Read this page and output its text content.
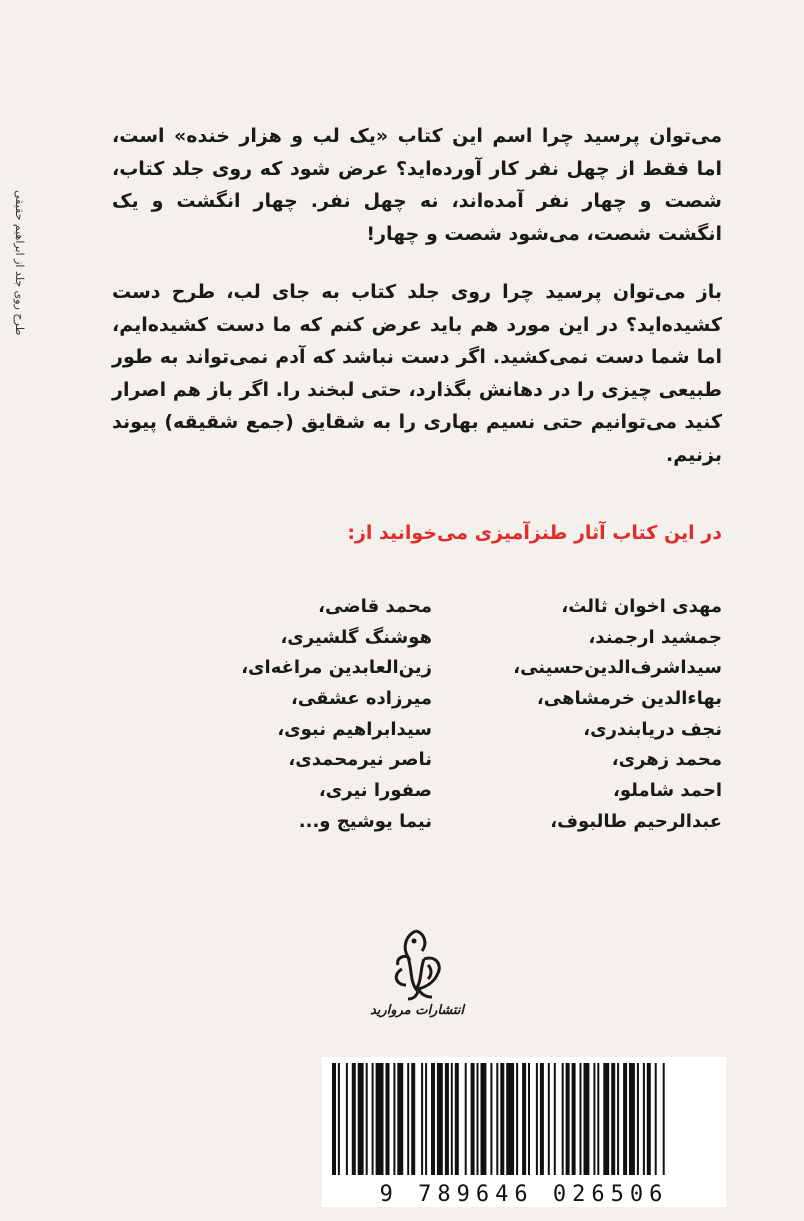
طرح روی جلد از ابراهیم حقیقی

می‌توان پرسید چرا اسم این کتاب «یک لب و هزار خنده» است، اما فقط از چهل نفر کار آورده‌اید؟ عرض شود که روی جلد کتاب، شصت و چهار نفر آمده‌اند، نه چهل نفر. چهار انگشت و یک انگشت شصت، می‌شود شصت و چهار!

باز می‌توان پرسید چرا روی جلد کتاب به جای لب، طرح دست کشیده‌اید؟ در این مورد هم باید عرض کنم که ما دست کشیده‌ایم، اما شما دست نمی‌کشید. اگر دست نباشد که آدم نمی‌تواند به طور طبیعی چیزی را در دهانش بگذارد، حتی لبخند را. اگر باز هم اصرار کنید می‌توانیم حتی نسیم بهاری را به شقایق (جمع شقیقه) پیوند بزنیم.

در این کتاب آثار طنزآمیزی می‌خوانید از:
مهدی اخوان ثالث،
محمد قاضی،
جمشید ارجمند،
هوشنگ گلشیری،
سیداشرف‌الدین‌حسینی،
زین‌العابدین مراغه‌ای،
بهاءالدین خرمشاهی،
میرزاده عشقی،
نجف دریابندری،
سیدابراهیم نبوی،
محمد زهری،
ناصر نیرمحمدی،
احمد شاملو،
صفورا نیری،
عبدالرحیم طالبوف،
نیما یوشیج و...
انتشارات مروارید
9 789646 026506
